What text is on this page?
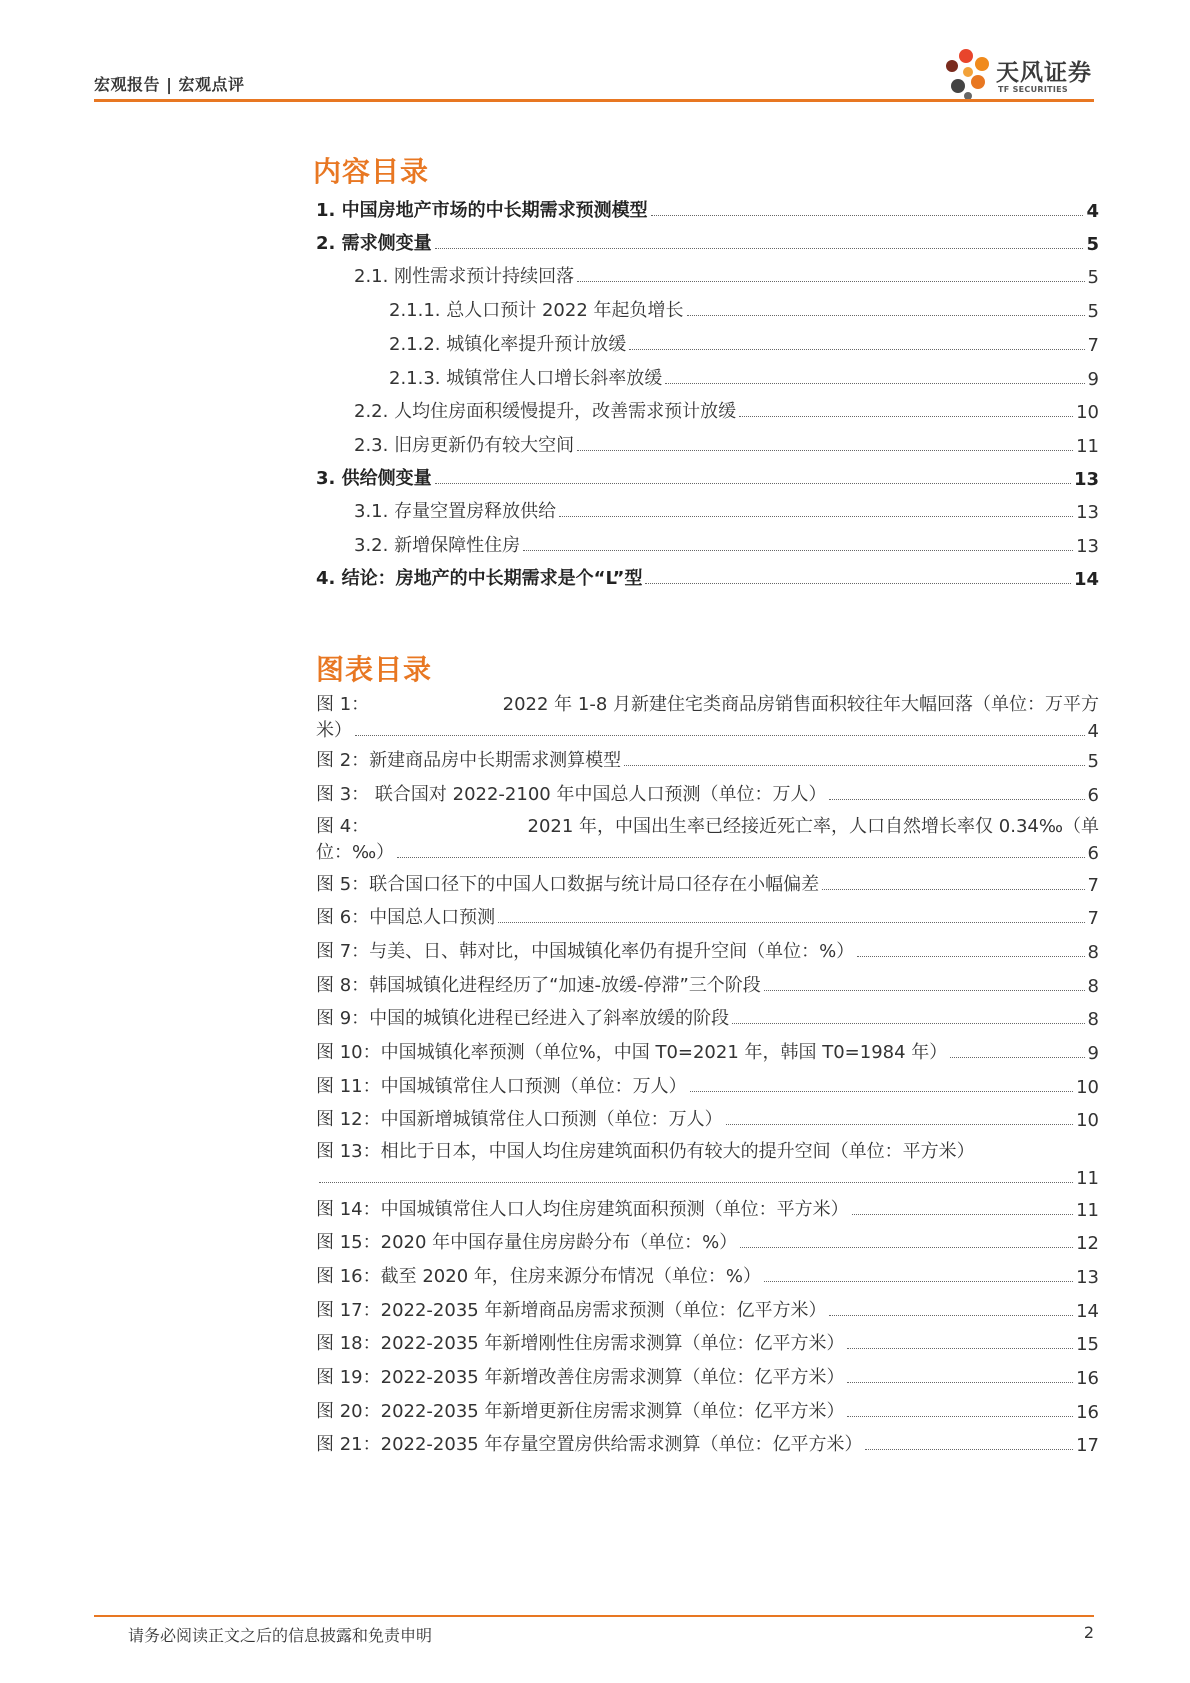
宏观报告 | 宏观点评	天风证券
TF SECURITIES
内容目录
1. 中国房地产市场的中长期需求预测模型	4
2. 需求侧变量	5
2.1. 刚性需求预计持续回落	5
2.1.1. 总人口预计 2022 年起负增长	5
2.1.2. 城镇化率提升预计放缓	7
2.1.3. 城镇常住人口增长斜率放缓	9
2.2. 人均住房面积缓慢提升，改善需求预计放缓	10
2.3. 旧房更新仍有较大空间	11
3. 供给侧变量	13
3.1. 存量空置房释放供给	13
3.2. 新增保障性住房	13
4. 结论：房地产的中长期需求是个“L”型	14
图表目录
图 1：	2022 年 1-8 月新建住宅类商品房销售面积较往年大幅回落（单位：万平方
米）	4
图 2：新建商品房中长期需求测算模型	5
图 3： 联合国对 2022-2100 年中国总人口预测（单位：万人）	6
图 4：	2021 年，中国出生率已经接近死亡率，人口自然增长率仅 0.34‰（单
位：‰）	6
图 5：联合国口径下的中国人口数据与统计局口径存在小幅偏差	7
图 6：中国总人口预测	7
图 7：与美、日、韩对比，中国城镇化率仍有提升空间（单位：%）	8
图 8：韩国城镇化进程经历了“加速-放缓-停滞”三个阶段	8
图 9：中国的城镇化进程已经进入了斜率放缓的阶段	8
图 10：中国城镇化率预测（单位%，中国 T0=2021 年，韩国 T0=1984 年）	9
图 11：中国城镇常住人口预测（单位：万人）	10
图 12：中国新增城镇常住人口预测（单位：万人）	10
图 13：相比于日本，中国人均住房建筑面积仍有较大的提升空间（单位：平方米）
11
图 14：中国城镇常住人口人均住房建筑面积预测（单位：平方米）	11
图 15：2020 年中国存量住房房龄分布（单位：%）	12
图 16：截至 2020 年，住房来源分布情况（单位：%）	13
图 17：2022-2035 年新增商品房需求预测（单位：亿平方米）	14
图 18：2022-2035 年新增刚性住房需求测算（单位：亿平方米）	15
图 19：2022-2035 年新增改善住房需求测算（单位：亿平方米）	16
图 20：2022-2035 年新增更新住房需求测算（单位：亿平方米）	16
图 21：2022-2035 年存量空置房供给需求测算（单位：亿平方米）	17
请务必阅读正文之后的信息披露和免责申明	2
